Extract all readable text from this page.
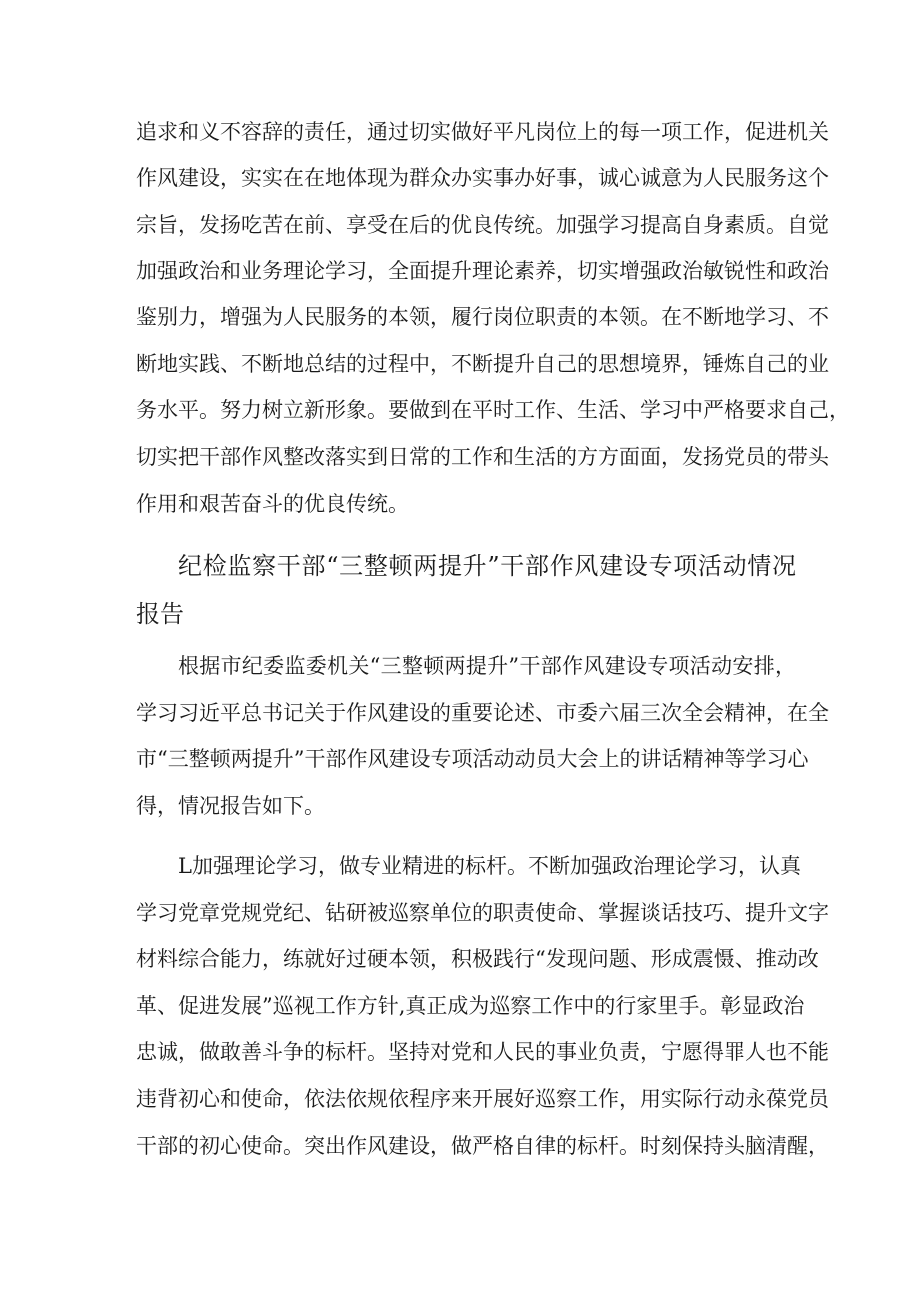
追求和义不容辞的责任，通过切实做好平凡岗位上的每一项工作，促进机关
作风建设，实实在在地体现为群众办实事办好事，诚心诚意为人民服务这个
宗旨，发扬吃苦在前、享受在后的优良传统。加强学习提高自身素质。自觉
加强政治和业务理论学习，全面提升理论素养，切实增强政治敏锐性和政治
鉴别力，增强为人民服务的本领，履行岗位职责的本领。在不断地学习、不
断地实践、不断地总结的过程中，不断提升自己的思想境界，锤炼自己的业
务水平。努力树立新形象。要做到在平时工作、生活、学习中严格要求自己，
切实把干部作风整改落实到日常的工作和生活的方方面面，发扬党员的带头
作用和艰苦奋斗的优良传统。
纪检监察干部“三整顿两提升”干部作风建设专项活动情况
报告
根据市纪委监委机关“三整顿两提升”干部作风建设专项活动安排，
学习习近平总书记关于作风建设的重要论述、市委六届三次全会精神，在全
市“三整顿两提升”干部作风建设专项活动动员大会上的讲话精神等学习心
得，情况报告如下。
L加强理论学习，做专业精进的标杆。不断加强政治理论学习，认真
学习党章党规党纪、钻研被巡察单位的职责使命、掌握谈话技巧、提升文字
材料综合能力，练就好过硬本领，积极践行“发现问题、形成震慑、推动改
革、促进发展”巡视工作方针,真正成为巡察工作中的行家里手。彰显政治
忠诚，做敢善斗争的标杆。坚持对党和人民的事业负责，宁愿得罪人也不能
违背初心和使命，依法依规依程序来开展好巡察工作，用实际行动永葆党员
干部的初心使命。突出作风建设，做严格自律的标杆。时刻保持头脑清醒，
